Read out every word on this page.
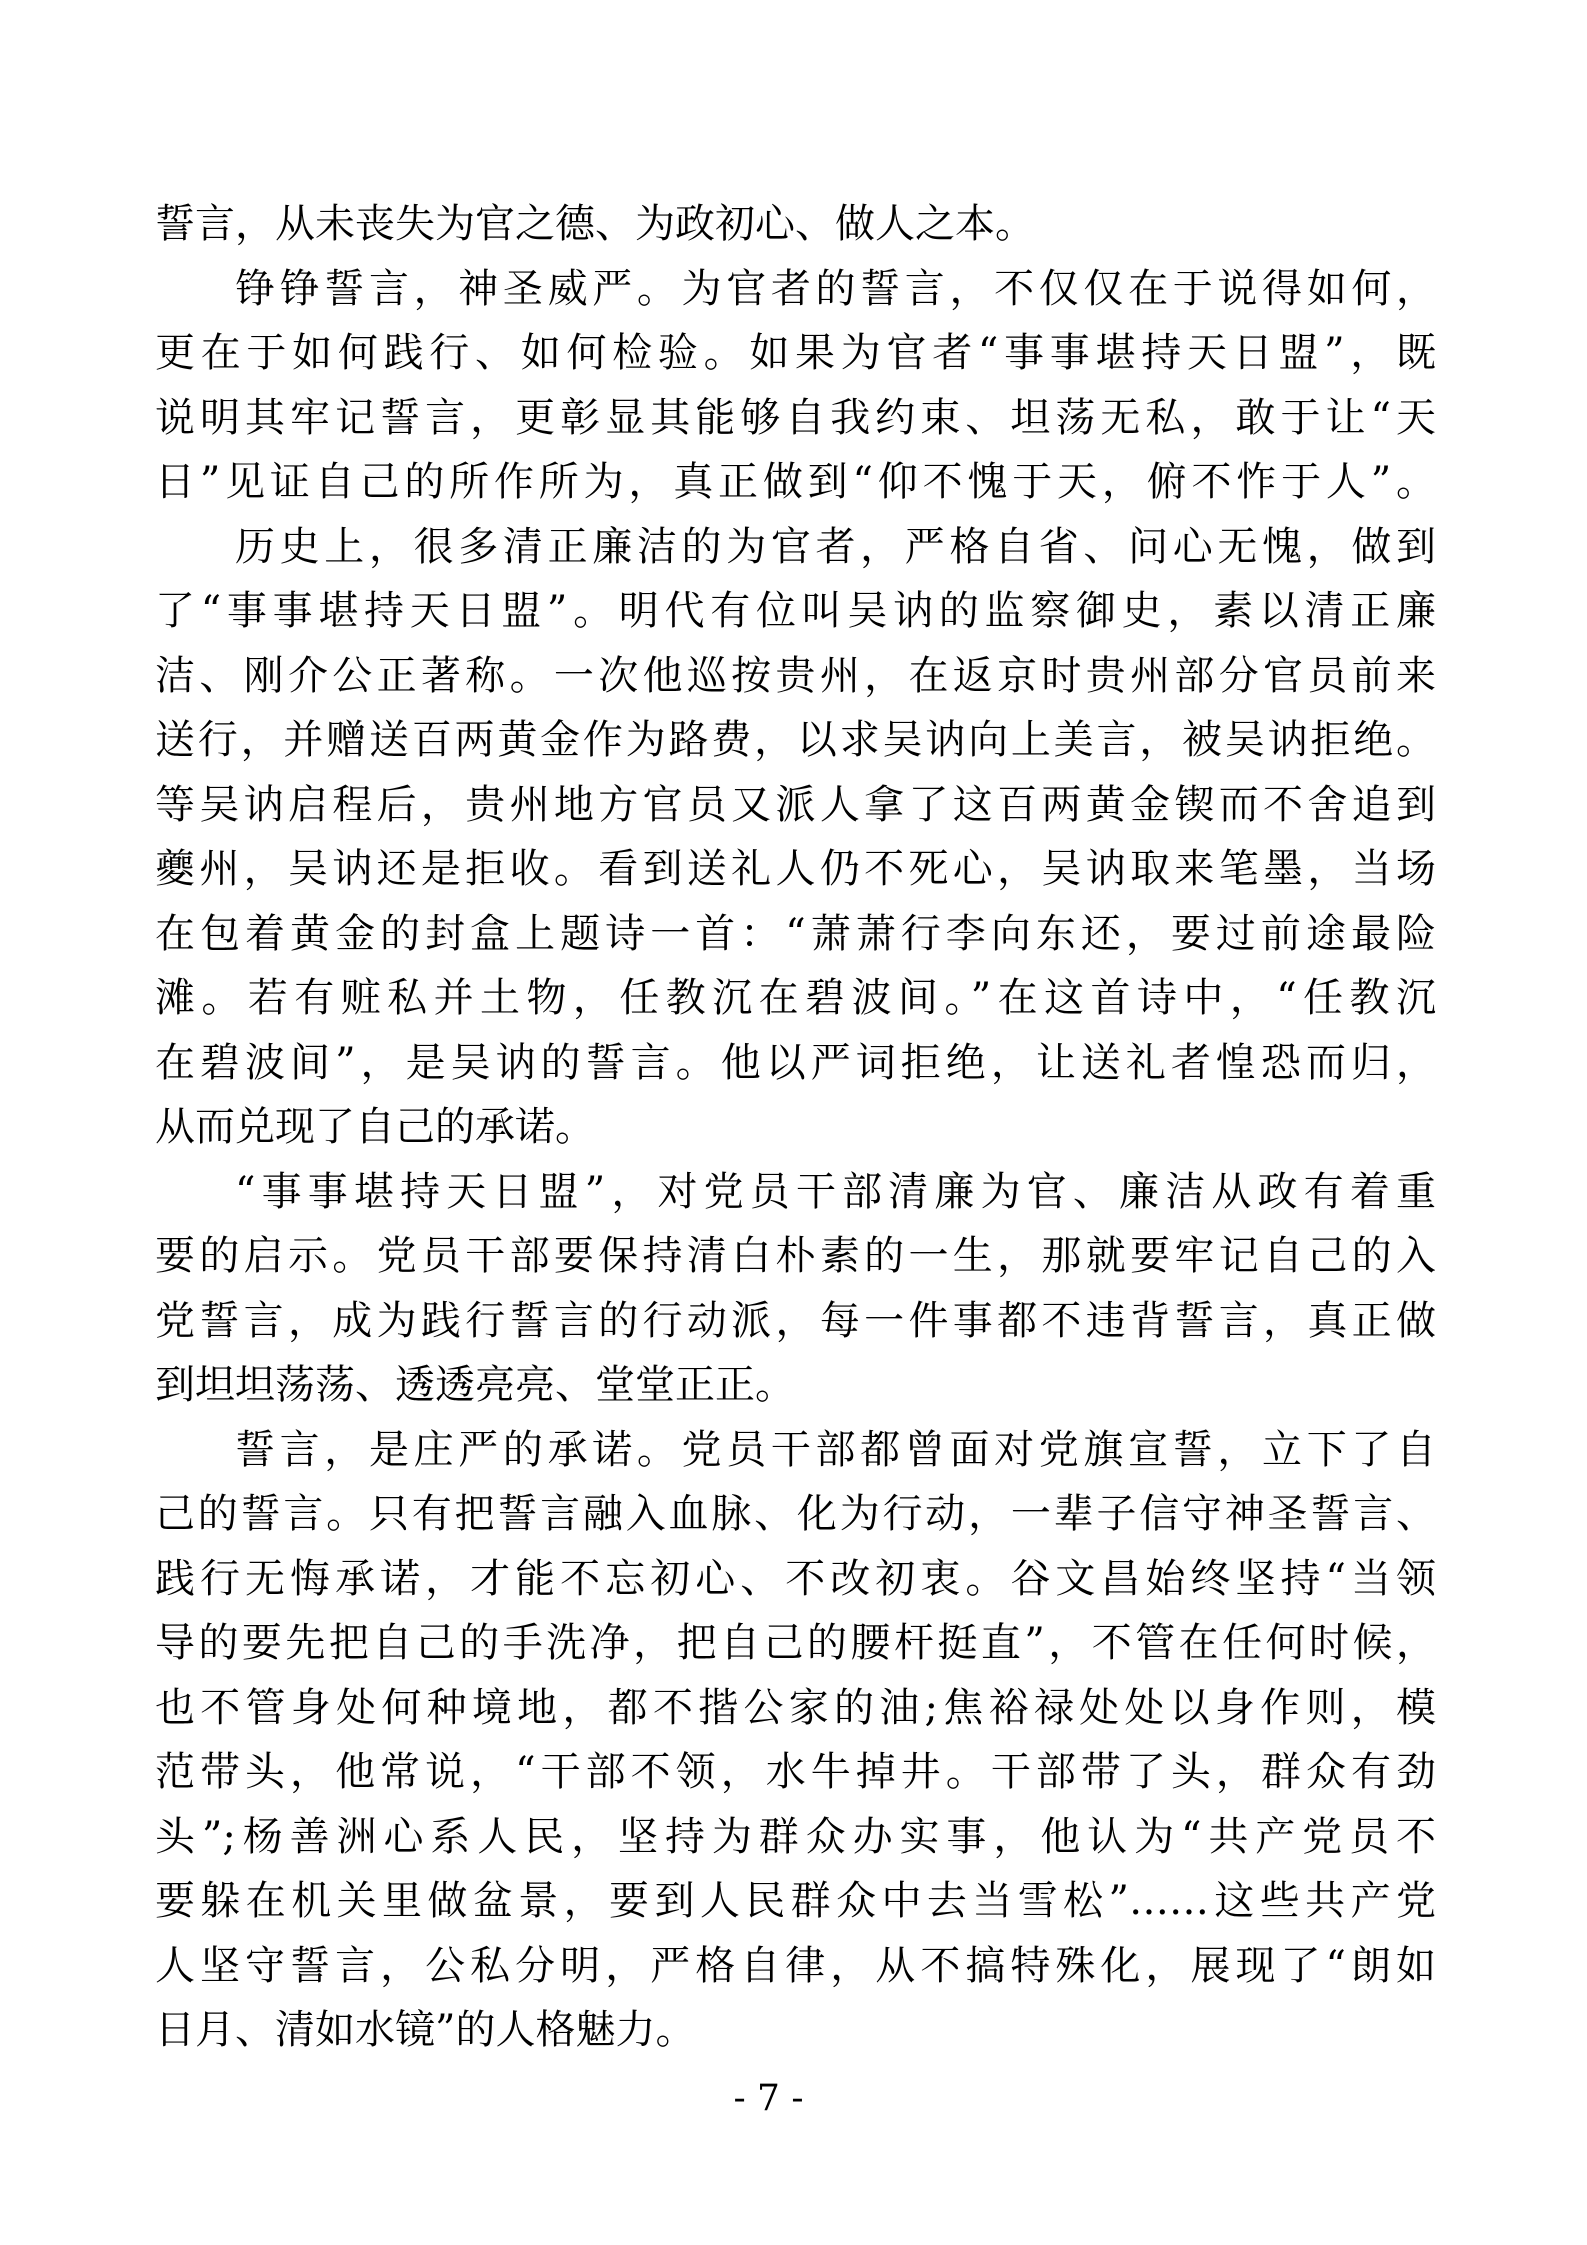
誓言，从未丧失为官之德、为政初心、做人之本。
铮铮誓言，神圣威严。为官者的誓言，不仅仅在于说得如何，
更在于如何践行、如何检验。如果为官者“事事堪持天日盟”，既
说明其牢记誓言，更彰显其能够自我约束、坦荡无私，敢于让“天
日”见证自己的所作所为，真正做到“仰不愧于天，俯不怍于人”。
历史上，很多清正廉洁的为官者，严格自省、问心无愧，做到
了“事事堪持天日盟”。明代有位叫吴讷的监察御史，素以清正廉
洁、刚介公正著称。一次他巡按贵州，在返京时贵州部分官员前来
送行，并赠送百两黄金作为路费，以求吴讷向上美言，被吴讷拒绝。
等吴讷启程后，贵州地方官员又派人拿了这百两黄金锲而不舍追到
夔州，吴讷还是拒收。看到送礼人仍不死心，吴讷取来笔墨，当场
在包着黄金的封盒上题诗一首：“萧萧行李向东还，要过前途最险
滩。若有赃私并土物，任教沉在碧波间。”在这首诗中，“任教沉
在碧波间”，是吴讷的誓言。他以严词拒绝，让送礼者惶恐而归，
从而兑现了自己的承诺。
“事事堪持天日盟”，对党员干部清廉为官、廉洁从政有着重
要的启示。党员干部要保持清白朴素的一生，那就要牢记自己的入
党誓言，成为践行誓言的行动派，每一件事都不违背誓言，真正做
到坦坦荡荡、透透亮亮、堂堂正正。
誓言，是庄严的承诺。党员干部都曾面对党旗宣誓，立下了自
己的誓言。只有把誓言融入血脉、化为行动，一辈子信守神圣誓言、
践行无悔承诺，才能不忘初心、不改初衷。谷文昌始终坚持“当领
导的要先把自己的手洗净，把自己的腰杆挺直”，不管在任何时候，
也不管身处何种境地，都不揩公家的油;焦裕禄处处以身作则，模
范带头，他常说，“干部不领，水牛掉井。干部带了头，群众有劲
头”;杨善洲心系人民，坚持为群众办实事，他认为“共产党员不
要躲在机关里做盆景，要到人民群众中去当雪松”……这些共产党
人坚守誓言，公私分明，严格自律，从不搞特殊化，展现了“朗如
日月、清如水镜”的人格魅力。
- 7 -
